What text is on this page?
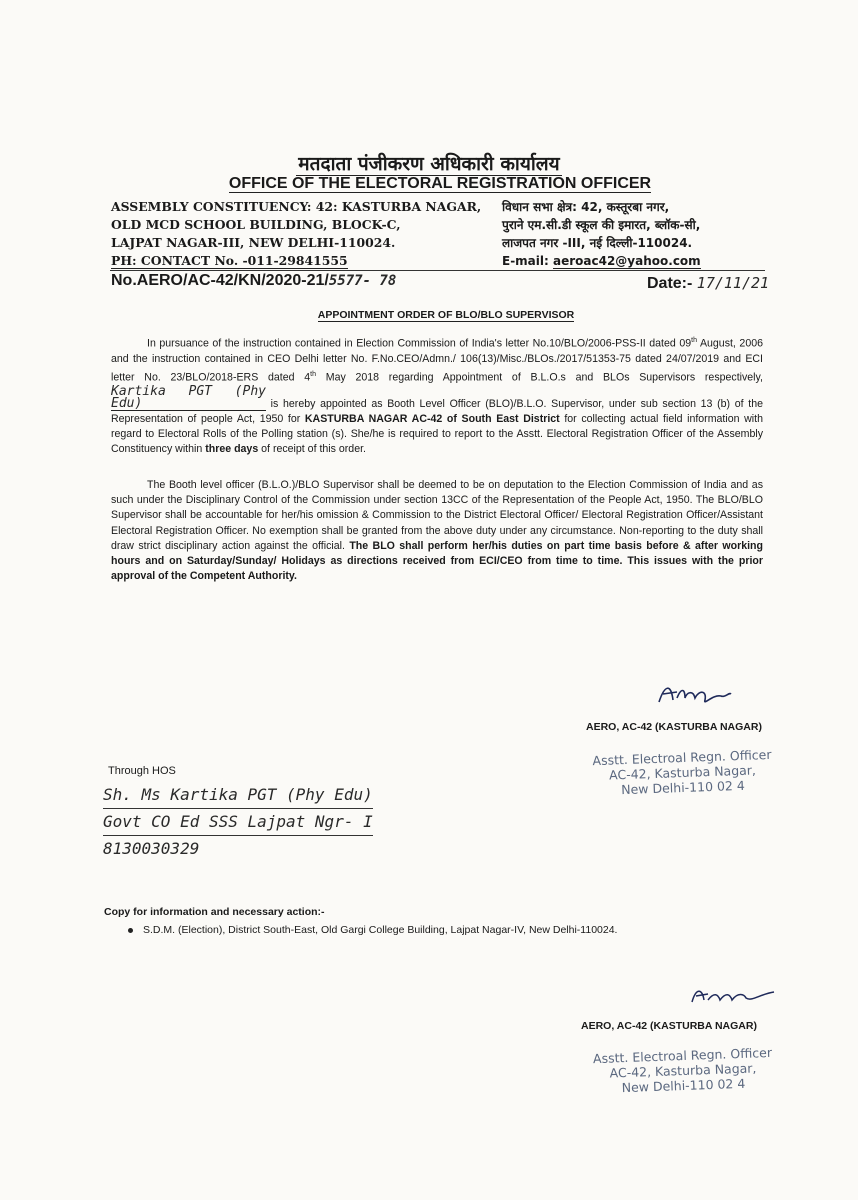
मतदाता पंजीकरण अधिकारी कार्यालय
OFFICE OF THE ELECTORAL REGISTRATION OFFICER
ASSEMBLY CONSTITUENCY: 42: KASTURBA NAGAR,
OLD MCD SCHOOL BUILDING, BLOCK-C,
LAJPAT NAGAR-III, NEW DELHI-110024.
PH: CONTACT No. -011-29841555
विधान सभा क्षेत्र: 42, कस्तूरबा नगर,
पुराने एम.सी.डी स्कूल की इमारत, ब्लॉक-सी,
लाजपत नगर -III, नई दिल्ली-110024.
E-mail: aeroac42@yahoo.com
No.AERO/AC-42/KN/2020-21/5577- 78	Date:- 17/11/21
APPOINTMENT ORDER OF BLO/BLO SUPERVISOR
In pursuance of the instruction contained in Election Commission of India's letter No.10/BLO/2006-PSS-II dated 09th August, 2006 and the instruction contained in CEO Delhi letter No. F.No.CEO/Admn./ 106(13)/Misc./BLOs./2017/51353-75 dated 24/07/2019 and ECI letter No. 23/BLO/2018-ERS dated 4th May 2018 regarding Appointment of B.L.O.s and BLOs Supervisors respectively, Kartika PGT (Phy Edu)	is hereby appointed as Booth Level Officer (BLO)/B.L.O. Supervisor, under sub section 13 (b) of the Representation of people Act, 1950 for KASTURBA NAGAR AC-42 of South East District for collecting actual field information with regard to Electoral Rolls of the Polling station (s). She/he is required to report to the Asstt. Electoral Registration Officer of the Assembly Constituency within three days of receipt of this order.
The Booth level officer (B.L.O.)/BLO Supervisor shall be deemed to be on deputation to the Election Commission of India and as such under the Disciplinary Control of the Commission under section 13CC of the Representation of the People Act, 1950. The BLO/BLO Supervisor shall be accountable for her/his omission & Commission to the District Electoral Officer/ Electoral Registration Officer/Assistant Electoral Registration Officer. No exemption shall be granted from the above duty under any circumstance. Non-reporting to the duty shall draw strict disciplinary action against the official. The BLO shall perform her/his duties on part time basis before & after working hours and on Saturday/Sunday/ Holidays as directions received from ECI/CEO from time to time. This issues with the prior approval of the Competent Authority.
AERO, AC-42 (KASTURBA NAGAR)
Asstt. Electroal Regn. Officer
AC-42, Kasturba Nagar,
New Delhi-110 02 4
Through HOS
Sh. Ms Kartika PGT (Phy Edu)
Govt CO Ed SSS Lajpat Ngr- I
8130030329
Copy for information and necessary action:-
S.D.M. (Election), District South-East, Old Gargi College Building, Lajpat Nagar-IV, New Delhi-110024.
AERO, AC-42 (KASTURBA NAGAR)
Asstt. Electroal Regn. Officer
AC-42, Kasturba Nagar,
New Delhi-110 02 4
